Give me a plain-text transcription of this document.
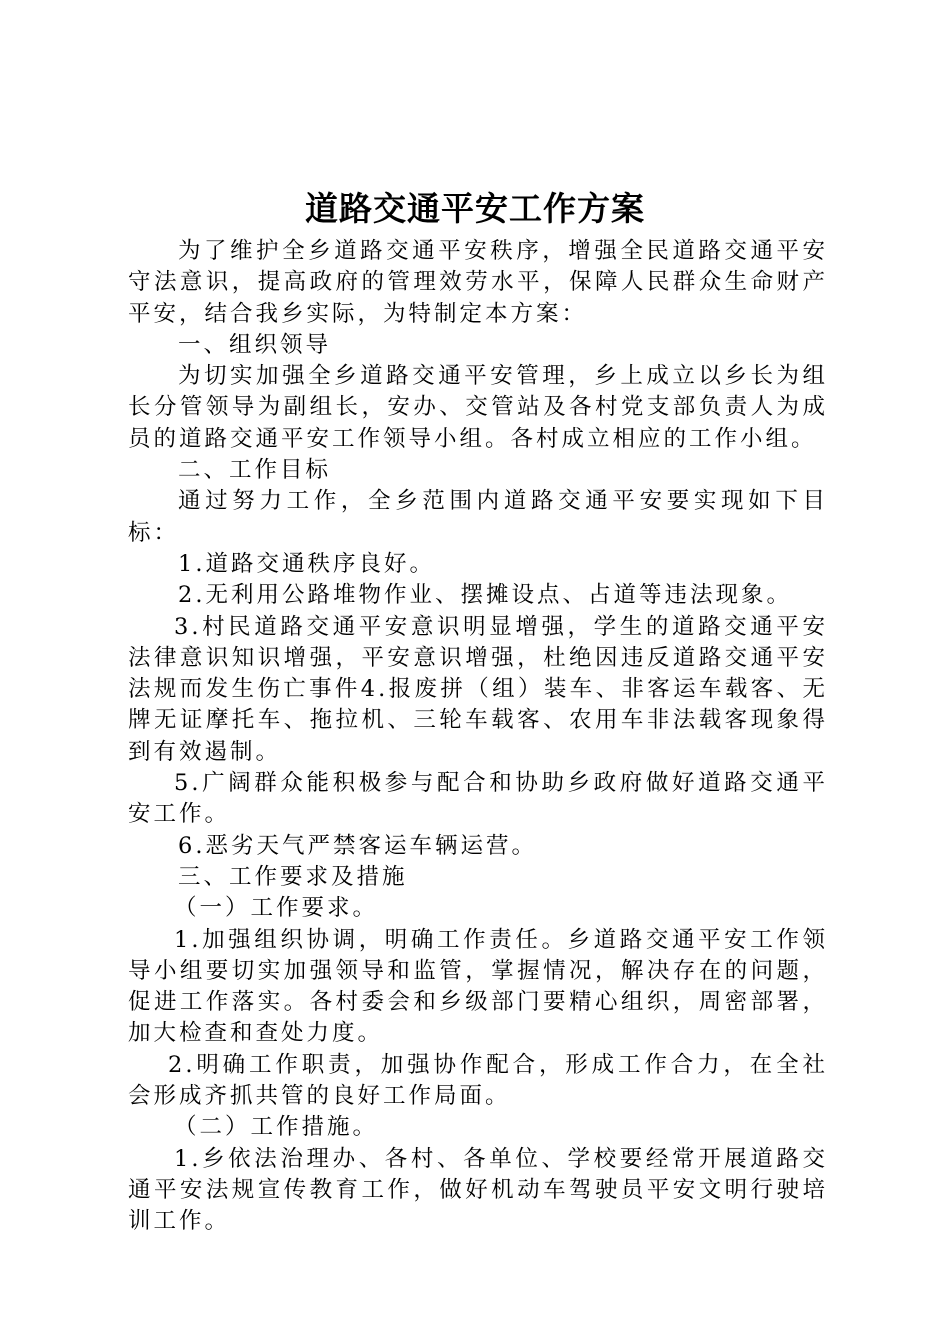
道路交通平安工作方案

为了维护全乡道路交通平安秩序，增强全民道路交通平安守法意识，提高政府的管理效劳水平，保障人民群众生命财产平安，结合我乡实际，为特制定本方案：

一、组织领导

为切实加强全乡道路交通平安管理，乡上成立以乡长为组长分管领导为副组长，安办、交管站及各村党支部负责人为成员的道路交通平安工作领导小组。各村成立相应的工作小组。

二、工作目标

通过努力工作，全乡范围内道路交通平安要实现如下目标：

1.道路交通秩序良好。

2.无利用公路堆物作业、摆摊设点、占道等违法现象。

3.村民道路交通平安意识明显增强，学生的道路交通平安法律意识知识增强，平安意识增强，杜绝因违反道路交通平安法规而发生伤亡事件4.报废拼（组）装车、非客运车载客、无牌无证摩托车、拖拉机、三轮车载客、农用车非法载客现象得到有效遏制。

5.广阔群众能积极参与配合和协助乡政府做好道路交通平安工作。

6.恶劣天气严禁客运车辆运营。

三、工作要求及措施

（一）工作要求。

1.加强组织协调，明确工作责任。乡道路交通平安工作领导小组要切实加强领导和监管，掌握情况，解决存在的问题，促进工作落实。各村委会和乡级部门要精心组织，周密部署，加大检查和查处力度。

2.明确工作职责，加强协作配合，形成工作合力，在全社会形成齐抓共管的良好工作局面。

（二）工作措施。

1.乡依法治理办、各村、各单位、学校要经常开展道路交通平安法规宣传教育工作，做好机动车驾驶员平安文明行驶培训工作。
